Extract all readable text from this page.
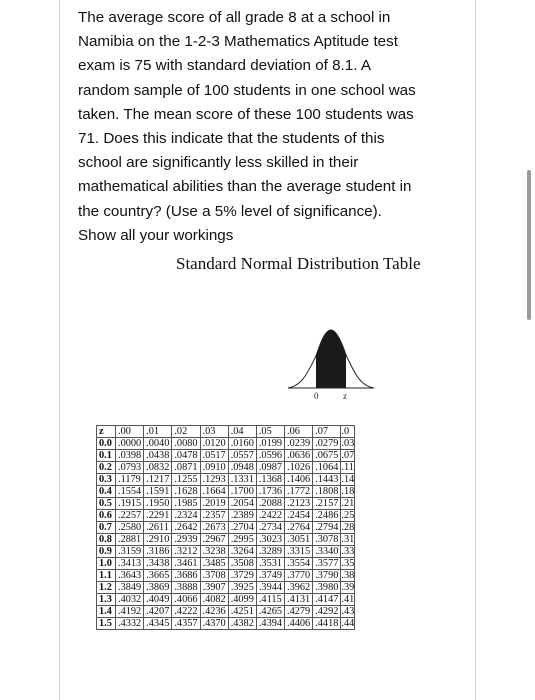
The average score of all grade 8 at a school in
Namibia on the 1-2-3 Mathematics Aptitude test
exam is 75 with standard deviation of 8.1. A
random sample of 100 students in one school was
taken. The mean score of these 100 students was
71. Does this indicate that the students of this
school are significantly less skilled in their
mathematical abilities than the average student in
the country? (Use a 5% level of significance).
Show all your workings
Standard Normal Distribution Table
0	z
z	.00	.01	.02	.03	.04	.05	.06	.07	.0
0.0	.0000	.0040	.0080	.0120	.0160	.0199	.0239	.0279	.03
0.1	.0398	.0438	.0478	.0517	.0557	.0596	.0636	.0675	.07
0.2	.0793	.0832	.0871	.0910	.0948	.0987	.1026	.1064	.11
0.3	.1179	.1217	.1255	.1293	.1331	.1368	.1406	.1443	.14
0.4	.1554	.1591	.1628	.1664	.1700	.1736	.1772	.1808	.18
0.5	.1915	.1950	.1985	.2019	.2054	.2088	.2123	.2157	.21
0.6	.2257	.2291	.2324	.2357	.2389	.2422	.2454	.2486	.25
0.7	.2580	.2611	.2642	.2673	.2704	.2734	.2764	.2794	.28
0.8	.2881	.2910	.2939	.2967	.2995	.3023	.3051	.3078	.31
0.9	.3159	.3186	.3212	.3238	.3264	.3289	.3315	.3340	.33
1.0	.3413	.3438	.3461	.3485	.3508	.3531	.3554	.3577	.35
1.1	.3643	.3665	.3686	.3708	.3729	.3749	.3770	.3790	.38
1.2	.3849	.3869	.3888	.3907	.3925	.3944	.3962	.3980	.39
1.3	.4032	.4049	.4066	.4082	.4099	.4115	.4131	.4147	.41
1.4	.4192	.4207	.4222	.4236	.4251	.4265	.4279	.4292	.43
1.5	.4332	.4345	.4357	.4370	.4382	.4394	.4406	.4418	.44
